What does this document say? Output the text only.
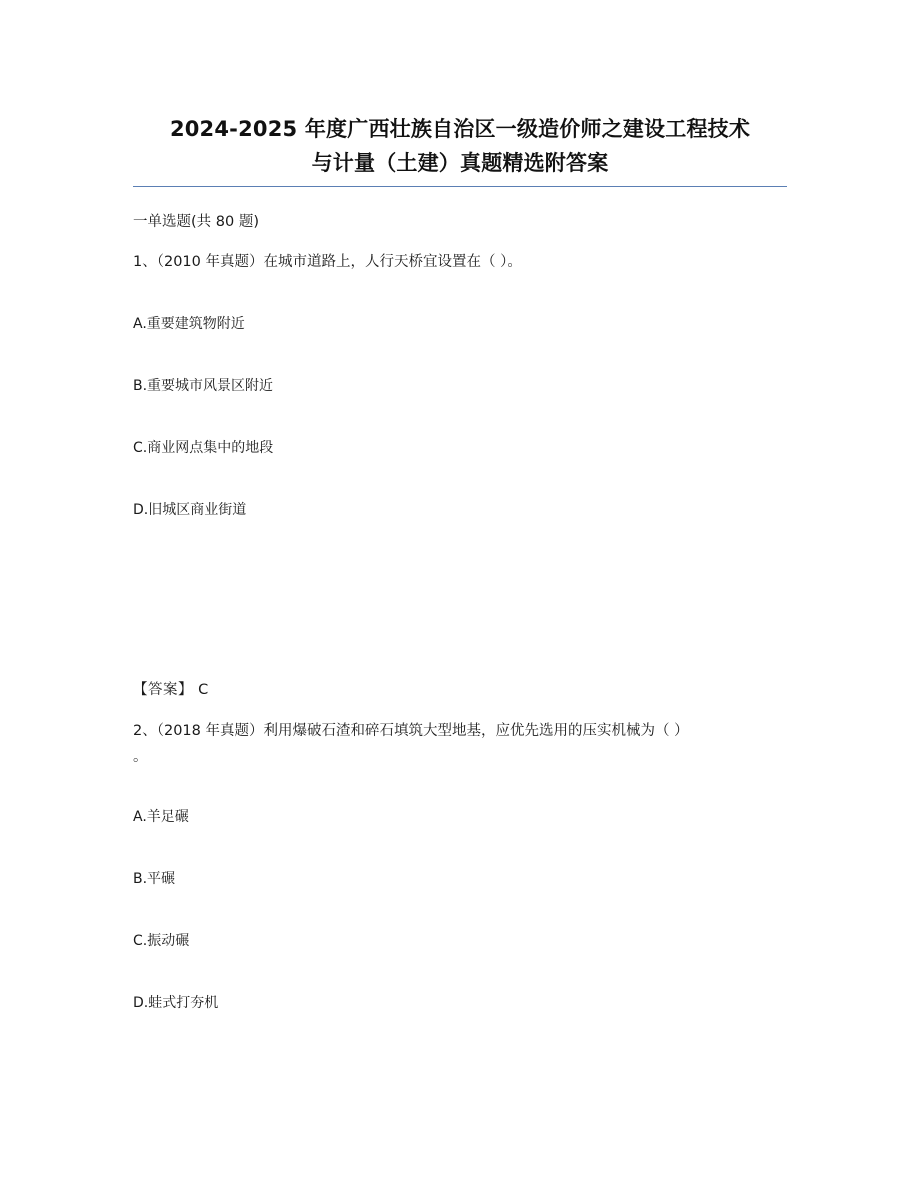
2024-2025 年度广西壮族自治区一级造价师之建设工程技术
与计量（土建）真题精选附答案
一单选题(共 80 题)
1、（2010 年真题）在城市道路上，人行天桥宜设置在（ ）。
A.重要建筑物附近
B.重要城市风景区附近
C.商业网点集中的地段
D.旧城区商业街道
【答案】 C
2、（2018 年真题）利用爆破石渣和碎石填筑大型地基，应优先选用的压实机械为（ ）
。
A.羊足碾
B.平碾
C.振动碾
D.蛙式打夯机
